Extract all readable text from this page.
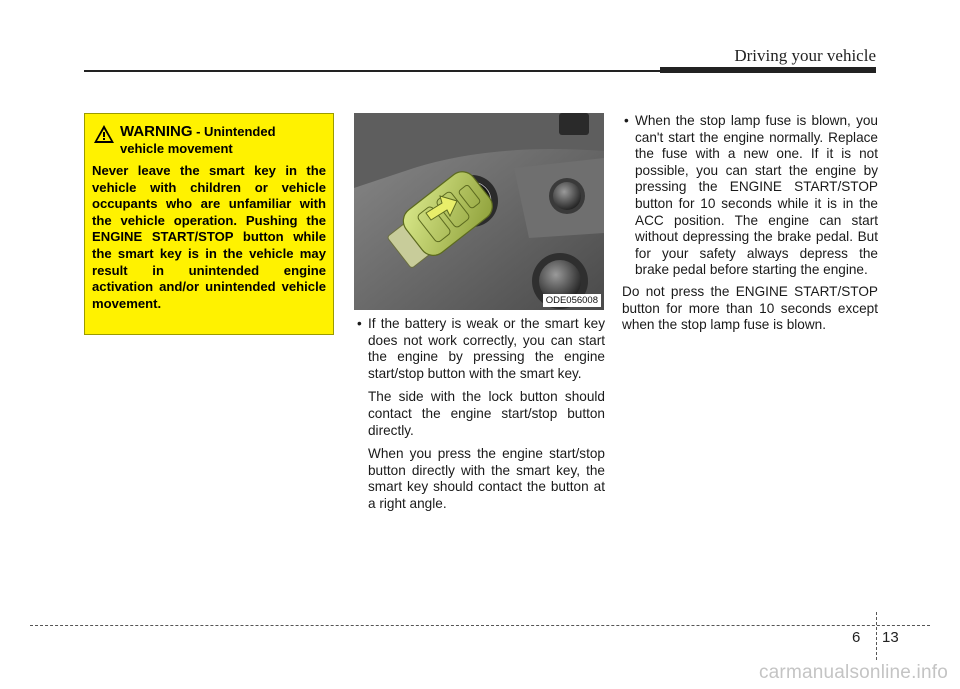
Driving your vehicle
WARNING - Unintended
vehicle movement
Never leave the smart key in the vehicle with children or vehicle occupants who are unfamiliar with the vehicle operation. Pushing the ENGINE START/STOP button while the smart key is in the vehicle may result in unintended engine activation and/or unintended vehicle movement.	ODE056008
• If the battery is weak or the smart key does not work correctly, you can start the engine by pressing the engine start/stop button with the smart key.
The side with the lock button should contact the engine start/stop button directly.
When you press the engine start/stop button directly with the smart key, the smart key should contact the button at a right angle.
• When the stop lamp fuse is blown, you can't start the engine normally. Replace the fuse with a new one. If it is not possible, you can start the engine by pressing the ENGINE START/STOP button for 10 seconds while it is in the ACC position. The engine can start without depressing the brake pedal. But for your safety always depress the brake pedal before starting the engine.
Do not press the ENGINE START/STOP button for more than 10 seconds except when the stop lamp fuse is blown.
6 13
carmanualsonline.info
